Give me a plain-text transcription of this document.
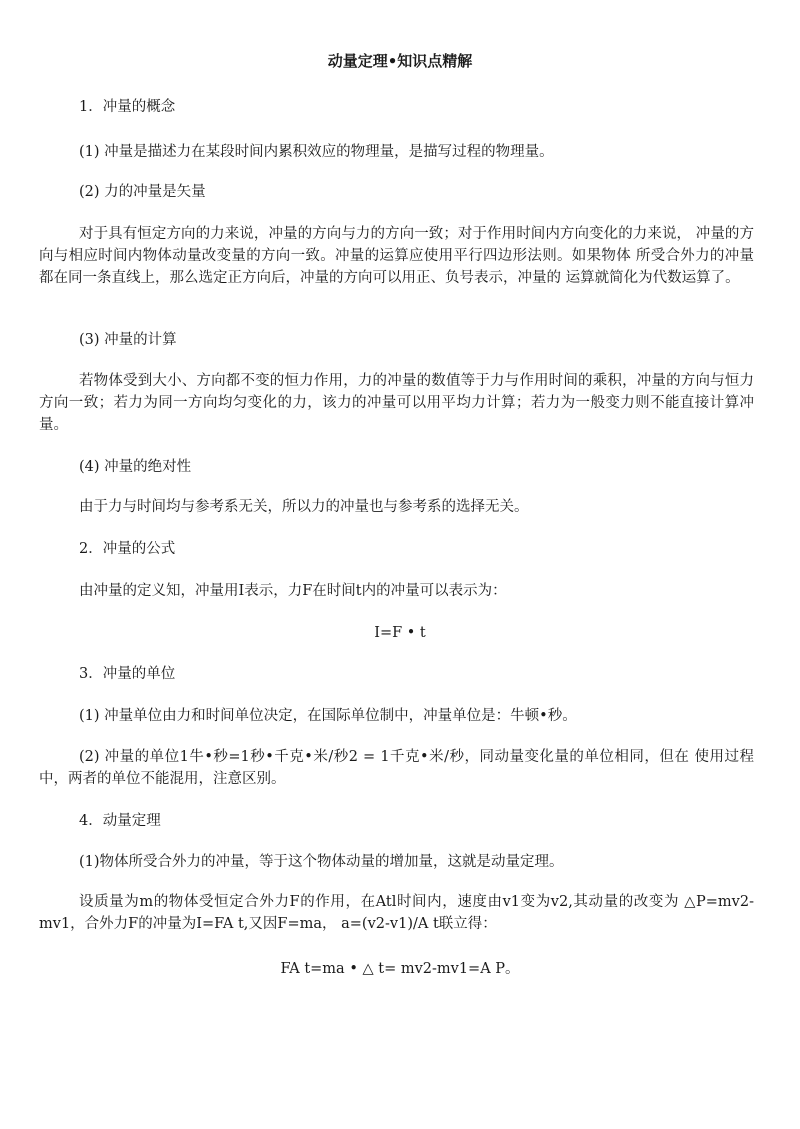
动量定理•知识点精解
1．冲量的概念
(1) 冲量是描述力在某段时间内累积效应的物理量，是描写过程的物理量。
(2) 力的冲量是矢量
对于具有恒定方向的力来说，冲量的方向与力的方向一致；对于作用时间内方向变化的力来说， 冲量的方向与相应时间内物体动量改变量的方向一致。冲量的运算应使用平行四边形法则。如果物体 所受合外力的冲量都在同一条直线上，那么选定正方向后，冲量的方向可以用正、负号表示，冲量的 运算就简化为代数运算了。
(3) 冲量的计算
若物体受到大小、方向都不变的恒力作用，力的冲量的数值等于力与作用时间的乘积，冲量的方向与恒力方向一致；若力为同一方向均匀变化的力，该力的冲量可以用平均力计算；若力为一般变力则不能直接计算冲量。
(4) 冲量的绝对性
由于力与时间均与参考系无关，所以力的冲量也与参考系的选择无关。
2．冲量的公式
由冲量的定义知，冲量用I表示，力F在时间t内的冲量可以表示为：
I=F • t
3．冲量的单位
(1) 冲量单位由力和时间单位决定，在国际单位制中，冲量单位是：牛顿•秒。
(2) 冲量的单位1牛•秒=1秒•千克•米/秒2 = 1千克•米/秒，同动量变化量的单位相同，但在 使用过程中，两者的单位不能混用，注意区别。
4．动量定理
(1)物体所受合外力的冲量，等于这个物体动量的增加量，这就是动量定理。
设质量为m的物体受恒定合外力F的作用，在Atl时间内，速度由v1变为v2,其动量的改变为 △P=mv2-mv1，合外力F的冲量为I=FA t,又因F=ma， a=(v2-v1)/A t联立得：
FA t=ma • △ t= mv2-mv1=A P。
